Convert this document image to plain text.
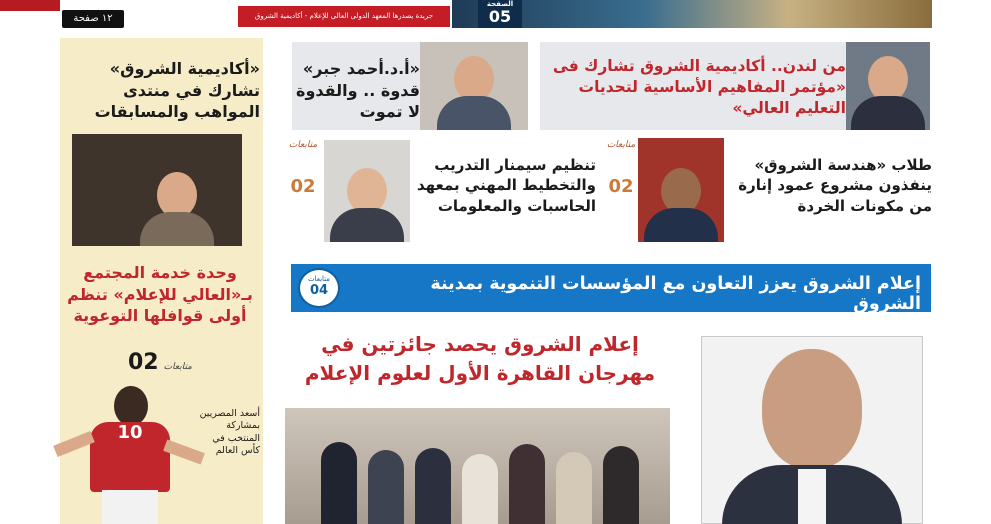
١٢ صفحة	جريدة يصدرها المعهد الدولى العالى للإعلام - أكاديمية الشروق
الصفحة
05
«أكاديمية الشروق» تشارك في منتدى المواهب والمسابقات
وحدة خدمة المجتمع بـ«العالي للإعلام» تنظم أولى قوافلها التوعوية
متابعات 02
10
أسعد المصريين بمشاركة المنتخب في كأس العالم
من لندن.. أكاديمية الشروق تشارك فى «مؤتمر المفاهيم الأساسية لتحديات التعليم العالي»
«أ.د.أحمد جبر» قدوة .. والقدوة لا تموت
طلاب «هندسة الشروق» ينفذون مشروع عمود إنارة من مكونات الخردة
متابعات
02
تنظيم سيمنار التدريب والتخطيط المهني بمعهد الحاسبات والمعلومات
متابعات
02
إعلام الشروق يعزز التعاون مع المؤسسات التنموية بمدينة الشروق
متابعات
04
إعلام الشروق يحصد جائزتين في مهرجان القاهرة الأول لعلوم الإعلام
